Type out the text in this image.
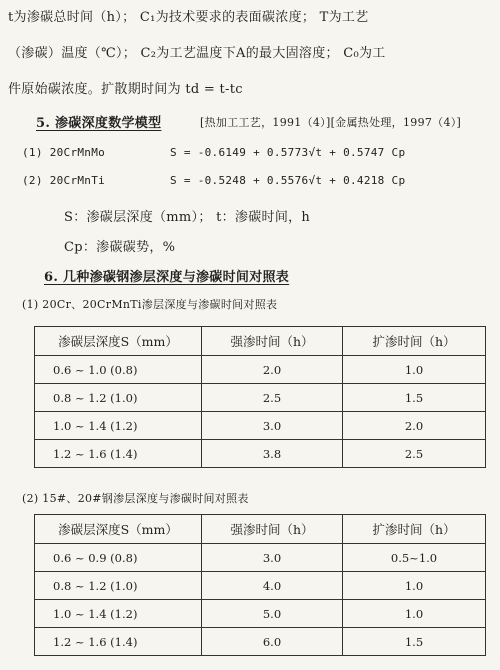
t为渗碳总时间（h）； C₁为技术要求的表面碳浓度； T为工艺
（渗碳）温度（℃）； C₂为工艺温度下A的最大固溶度； C₀为工
件原始碳浓度。扩散期时间为 td = t-tc
5. 渗碳深度数学模型	[热加工工艺，1991（4）][金属热处理，1997（4）]
(1) 20CrMnMo	S = -0.6149 + 0.5773√t + 0.5747 Cp
(2) 20CrMnTi	S = -0.5248 + 0.5576√t + 0.4218 Cp
S：渗碳层深度（mm）； t：渗碳时间，h
Cp：渗碳碳势，%
6. 几种渗碳钢渗层深度与渗碳时间对照表
(1) 20Cr、20CrMnTi渗层深度与渗碳时间对照表
渗碳层深度S（mm）	强渗时间（h）	扩渗时间（h）
0.6 ~ 1.0 (0.8)	2.0	1.0
0.8 ~ 1.2 (1.0)	2.5	1.5
1.0 ~ 1.4 (1.2)	3.0	2.0
1.2 ~ 1.6 (1.4)	3.8	2.5
(2) 15#、20#钢渗层深度与渗碳时间对照表
渗碳层深度S（mm）	强渗时间（h）	扩渗时间（h）
0.6 ~ 0.9 (0.8)	3.0	0.5~1.0
0.8 ~ 1.2 (1.0)	4.0	1.0
1.0 ~ 1.4 (1.2)	5.0	1.0
1.2 ~ 1.6 (1.4)	6.0	1.5
